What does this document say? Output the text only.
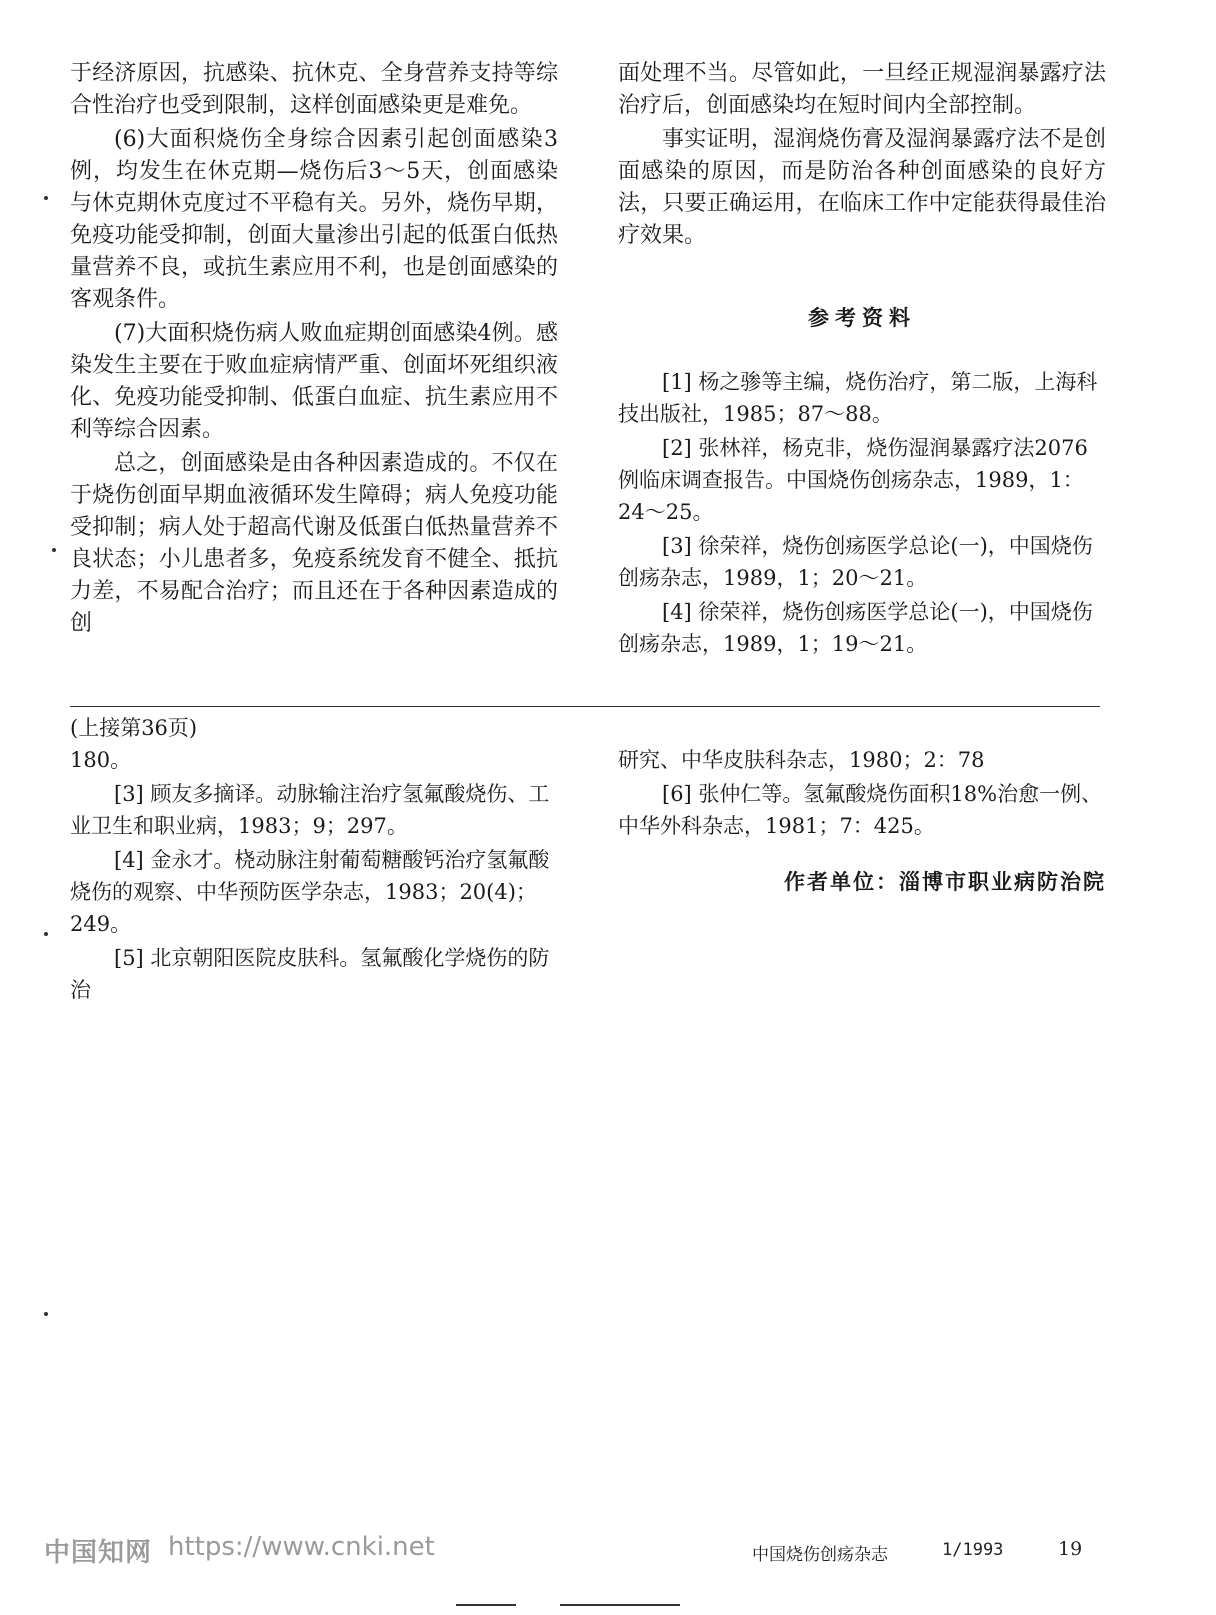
于经济原因，抗感染、抗休克、全身营养支持等综合性治疗也受到限制，这样创面感染更是难免。

(6)大面积烧伤全身综合因素引起创面感染3例，均发生在休克期—烧伤后3～5天，创面感染与休克期休克度过不平稳有关。另外，烧伤早期，免疫功能受抑制，创面大量渗出引起的低蛋白低热量营养不良，或抗生素应用不利，也是创面感染的客观条件。

(7)大面积烧伤病人败血症期创面感染4例。感染发生主要在于败血症病情严重、创面坏死组织液化、免疫功能受抑制、低蛋白血症、抗生素应用不利等综合因素。

总之，创面感染是由各种因素造成的。不仅在于烧伤创面早期血液循环发生障碍；病人免疫功能受抑制；病人处于超高代谢及低蛋白低热量营养不良状态；小儿患者多，免疫系统发育不健全、抵抗力差，不易配合治疗；而且还在于各种因素造成的创

面处理不当。尽管如此，一旦经正规湿润暴露疗法治疗后，创面感染均在短时间内全部控制。

事实证明，湿润烧伤膏及湿润暴露疗法不是创面感染的原因，而是防治各种创面感染的良好方法，只要正确运用，在临床工作中定能获得最佳治疗效果。

参考资料

[1] 杨之骖等主编，烧伤治疗，第二版，上海科技出版社，1985；87～88。

[2] 张林祥，杨克非，烧伤湿润暴露疗法2076例临床调查报告。中国烧伤创疡杂志，1989，1：24～25。

[3] 徐荣祥，烧伤创疡医学总论(一)，中国烧伤创疡杂志，1989，1；20～21。

[4] 徐荣祥，烧伤创疡医学总论(一)，中国烧伤创疡杂志，1989，1；19～21。

(上接第36页)

180。

[3] 顾友多摘译。动脉输注治疗氢氟酸烧伤、工业卫生和职业病，1983；9；297。

[4] 金永才。桡动脉注射葡萄糖酸钙治疗氢氟酸烧伤的观察、中华预防医学杂志，1983；20(4)；249。

[5] 北京朝阳医院皮肤科。氢氟酸化学烧伤的防治

研究、中华皮肤科杂志，1980；2：78

[6] 张仲仁等。氢氟酸烧伤面积18%治愈一例、中华外科杂志，1981；7：425。

作者单位：淄博市职业病防治院

中国知网 https://www.cnki.net	中国烧伤创疡杂志	1/1993	19
